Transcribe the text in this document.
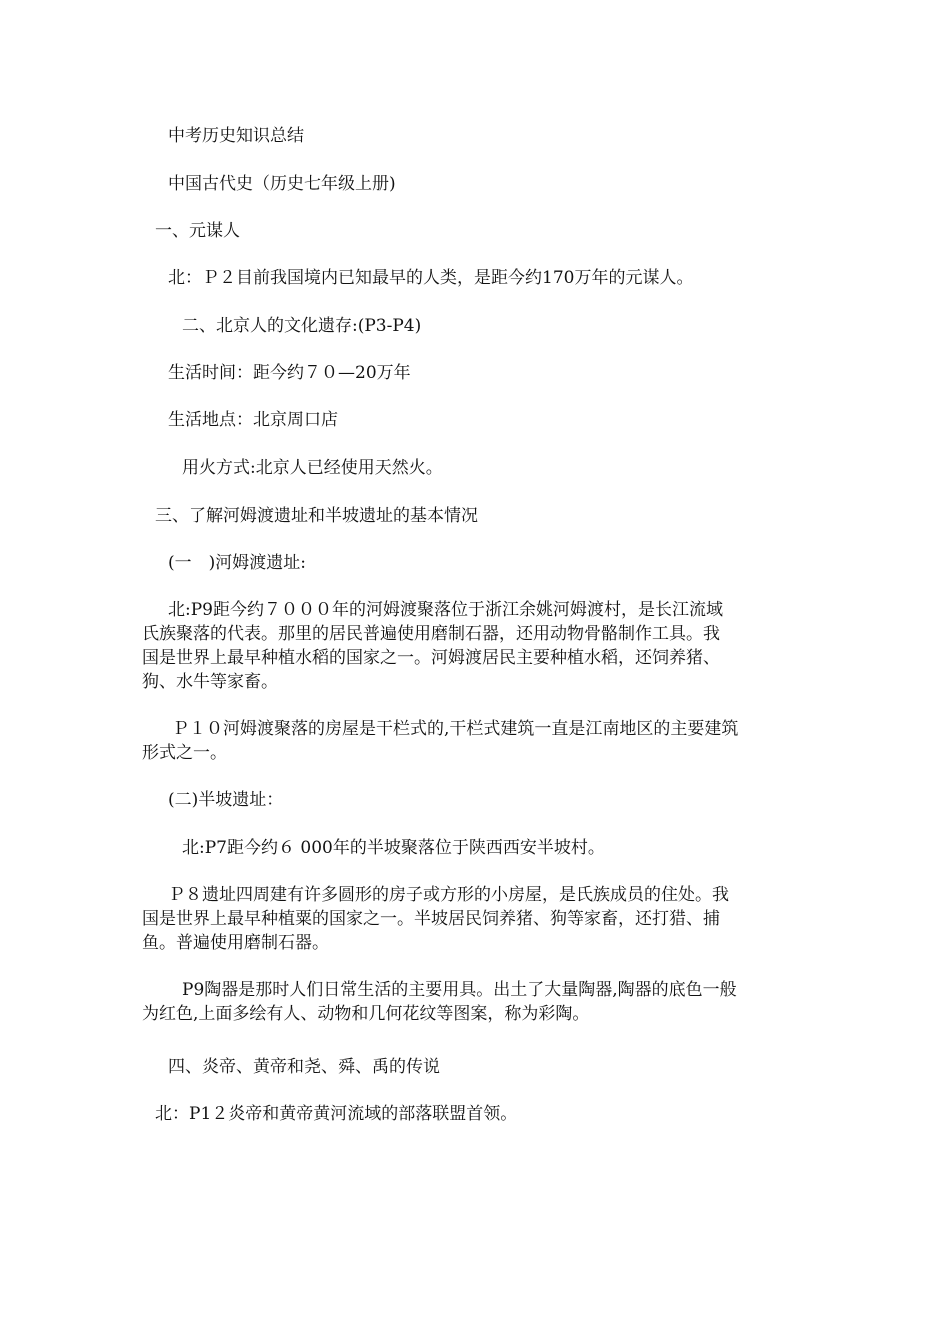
中考历史知识总结

中国古代史（历史七年级上册)

一、元谋人

北：Ｐ２目前我国境内已知最早的人类，是距今约170万年的元谋人。

二、北京人的文化遗存:(P3-P4)

生活时间：距今约７０—20万年

生活地点：北京周口店

用火方式:北京人已经使用天然火。

三、了解河姆渡遗址和半坡遗址的基本情况

(一　)河姆渡遗址:

北:P9距今约７０００年的河姆渡聚落位于浙江余姚河姆渡村，是长江流域
氏族聚落的代表。那里的居民普遍使用磨制石器，还用动物骨骼制作工具。我
国是世界上最早种植水稻的国家之一。河姆渡居民主要种植水稻，还饲养猪、
狗、水牛等家畜。
Ｐ１０河姆渡聚落的房屋是干栏式的,干栏式建筑一直是江南地区的主要建筑
形式之一。

(二)半坡遗址：

北:P7距今约６ 000年的半坡聚落位于陕西西安半坡村。

Ｐ８遗址四周建有许多圆形的房子或方形的小房屋，是氏族成员的住处。我
国是世界上最早种植粟的国家之一。半坡居民饲养猪、狗等家畜，还打猎、捕
鱼。普遍使用磨制石器。
P9陶器是那时人们日常生活的主要用具。出土了大量陶器,陶器的底色一般
为红色,上面多绘有人、动物和几何花纹等图案，称为彩陶。

四、炎帝、黄帝和尧、舜、禹的传说

北：P1２炎帝和黄帝黄河流域的部落联盟首领。
